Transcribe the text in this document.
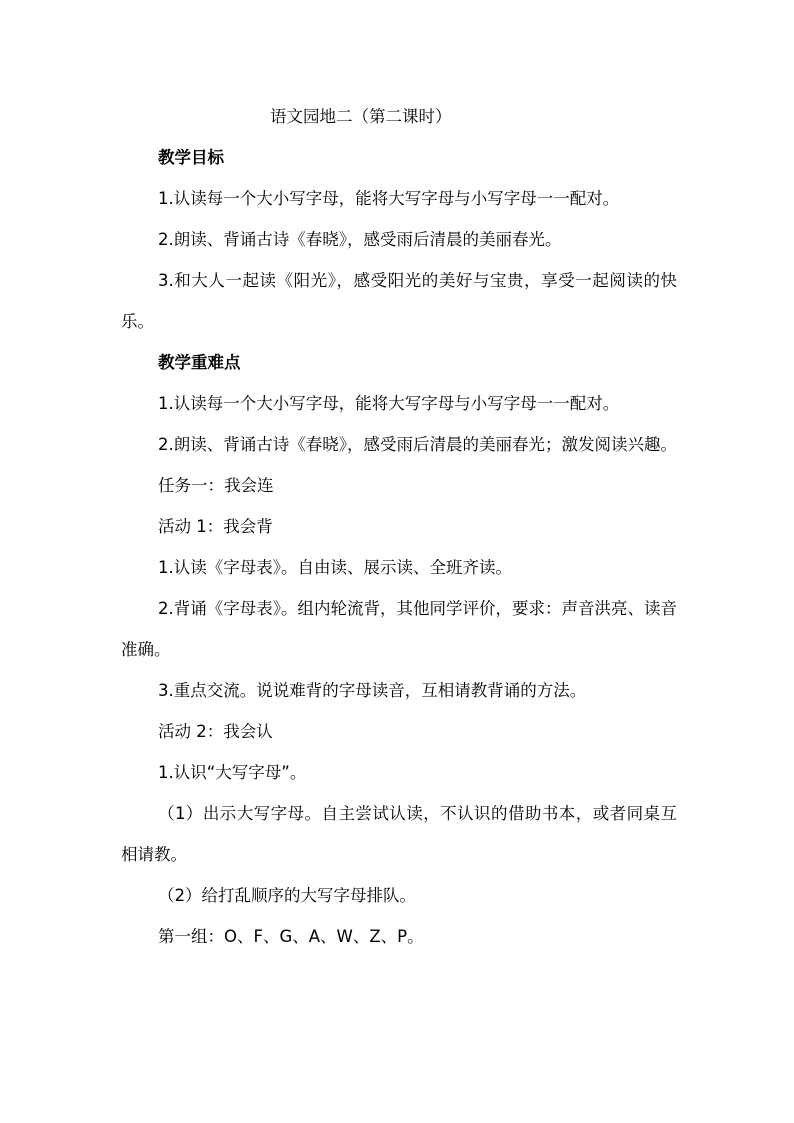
语文园地二（第二课时）
教学目标

1.认读每一个大小写字母，能将大写字母与小写字母一一配对。

2.朗读、背诵古诗《春晓》，感受雨后清晨的美丽春光。

3.和大人一起读《阳光》，感受阳光的美好与宝贵，享受一起阅读的快乐。

教学重难点

1.认读每一个大小写字母，能将大写字母与小写字母一一配对。

2.朗读、背诵古诗《春晓》，感受雨后清晨的美丽春光；激发阅读兴趣。

任务一：我会连

活动 1：我会背

1.认读《字母表》。自由读、展示读、全班齐读。

2.背诵《字母表》。组内轮流背，其他同学评价，要求：声音洪亮、读音准确。

3.重点交流。说说难背的字母读音，互相请教背诵的方法。

活动 2：我会认

1.认识“大写字母”。

（1）出示大写字母。自主尝试认读，不认识的借助书本，或者同桌互相请教。

（2）给打乱顺序的大写字母排队。

第一组：O、F、G、A、W、Z、P。
